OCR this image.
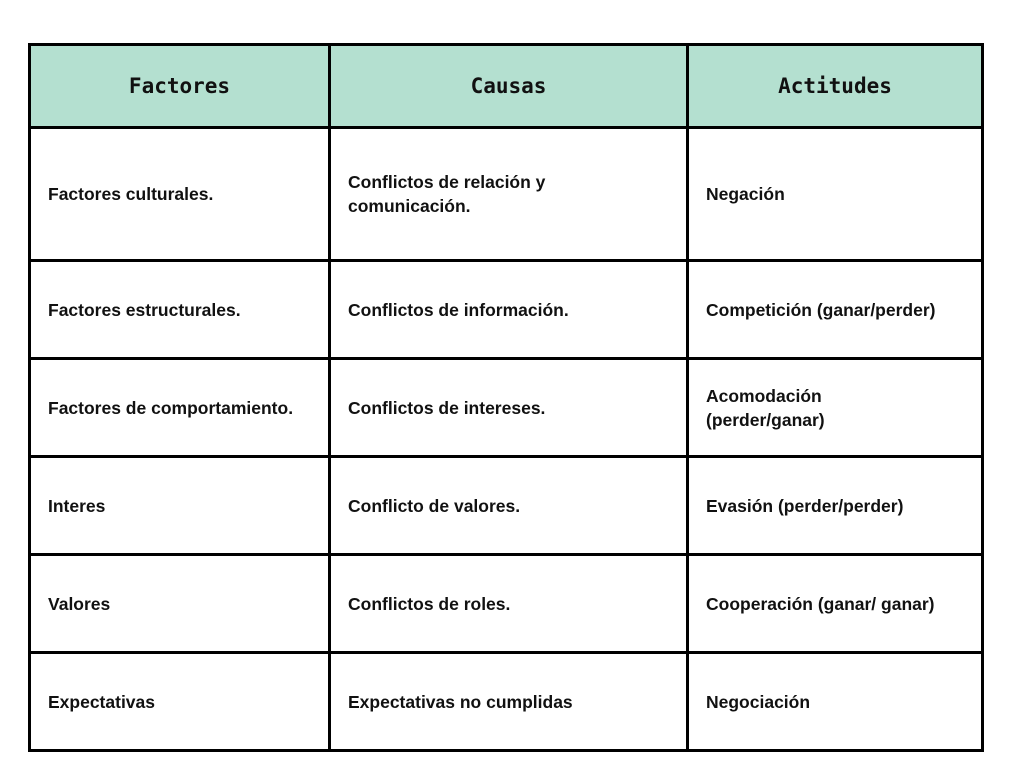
Factores	Causas	Actitudes

Factores culturales.	Conflictos de relación y comunicación.	Negación

Factores estructurales.	Conflictos de información.	Competición (ganar/perder)

Factores de comportamiento.	Conflictos de intereses.	Acomodación (perder/ganar)

Interes	Conflicto de valores.	Evasión (perder/perder)

Valores	Conflictos de roles.	Cooperación (ganar/ ganar)

Expectativas	Expectativas no cumplidas	Negociación
